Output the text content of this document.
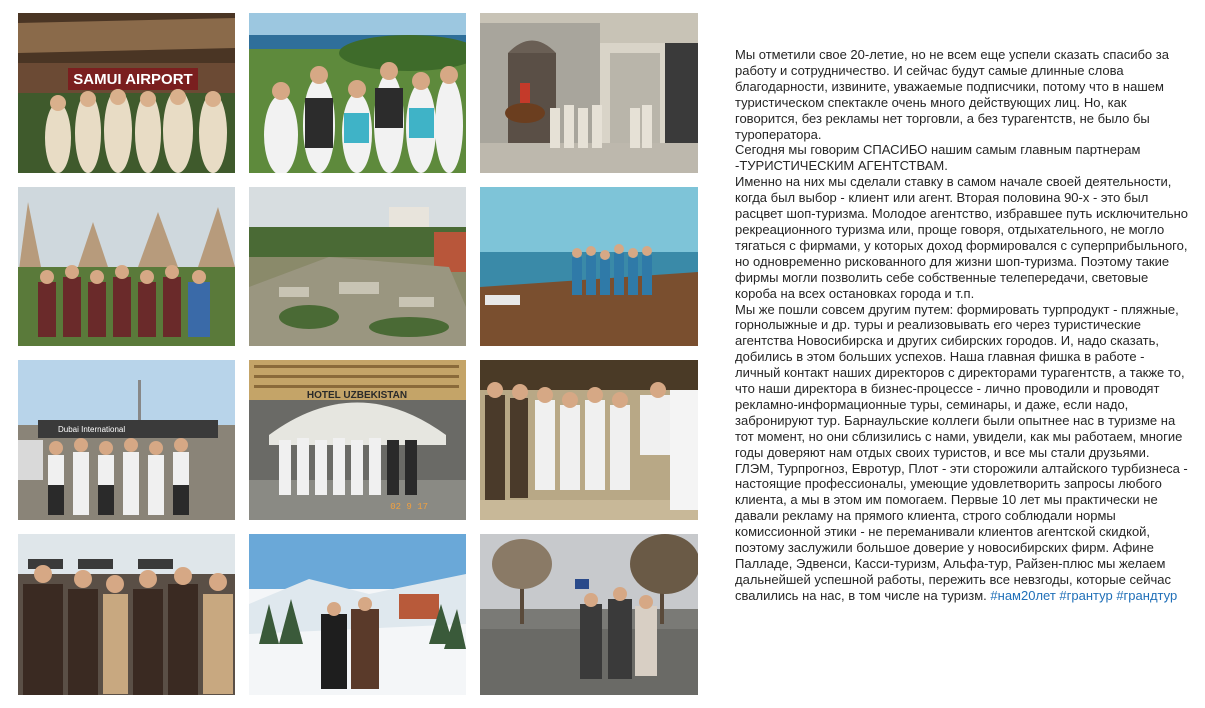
SAMUI AIRPORT
Dubai International
HOTEL UZBEKISTAN
02 9 17

Мы отметили свое 20-летие, но не всем еще успели сказать спасибо за работу и сотрудничество. И сейчас будут самые длинные слова благодарности, извините, уважаемые подписчики, потому что в нашем туристическом спектакле очень много действующих лиц. Но, как говорится, без рекламы нет торговли, а без турагентств, не было бы туроператора.

Сегодня мы говорим СПАСИБО нашим самым главным партнерам -ТУРИСТИЧЕСКИМ АГЕНТСТВАМ.

Именно на них мы сделали ставку в самом начале своей деятельности, когда был выбор - клиент или агент. Вторая половина 90-х - это был расцвет шоп-туризма. Молодое агентство, избравшее путь исключительно рекреационного туризма или, проще говоря, отдыхательного, не могло тягаться с фирмами, у которых доход формировался с суперприбыльного, но одновременно рискованного для жизни шоп-туризма. Поэтому такие фирмы могли позволить себе собственные телепередачи, световые короба на всех остановках города и т.п.

Мы же пошли совсем другим путем: формировать турпродукт - пляжные, горнолыжные и др. туры и реализовывать его через туристические агентства Новосибирска и других сибирских городов. И, надо сказать, добились в этом больших успехов. Наша главная фишка в работе - личный контакт наших директоров с директорами турагентств, а также то, что наши директора в бизнес-процессе - лично проводили и проводят рекламно-информационные туры, семинары, и даже, если надо, забронируют тур. Барнаульские коллеги были опытнее нас в туризме на тот момент, но они сблизились с нами, увидели, как мы работаем, многие годы доверяют нам отдых своих туристов, и все мы стали друзьями. ГЛЭМ, Турпрогноз, Евротур, Плот - эти сторожили алтайского турбизнеса - настоящие профессионалы, умеющие удовлетворить запросы любого клиента, а мы в этом им помогаем. Первые 10 лет мы практически не давали рекламу на прямого клиента, строго соблюдали нормы комиссионной этики - не переманивали клиентов агентской скидкой, поэтому заслужили большое доверие у новосибирских фирм. Афине Палладе, Эдвенси, Касси-туризм, Альфа-тур, Райзен-плюс мы желаем дальнейшей успешной работы, пережить все невзгоды, которые сейчас свалились на нас, в том числе на туризм. #нам20лет #грантур #грандтур
